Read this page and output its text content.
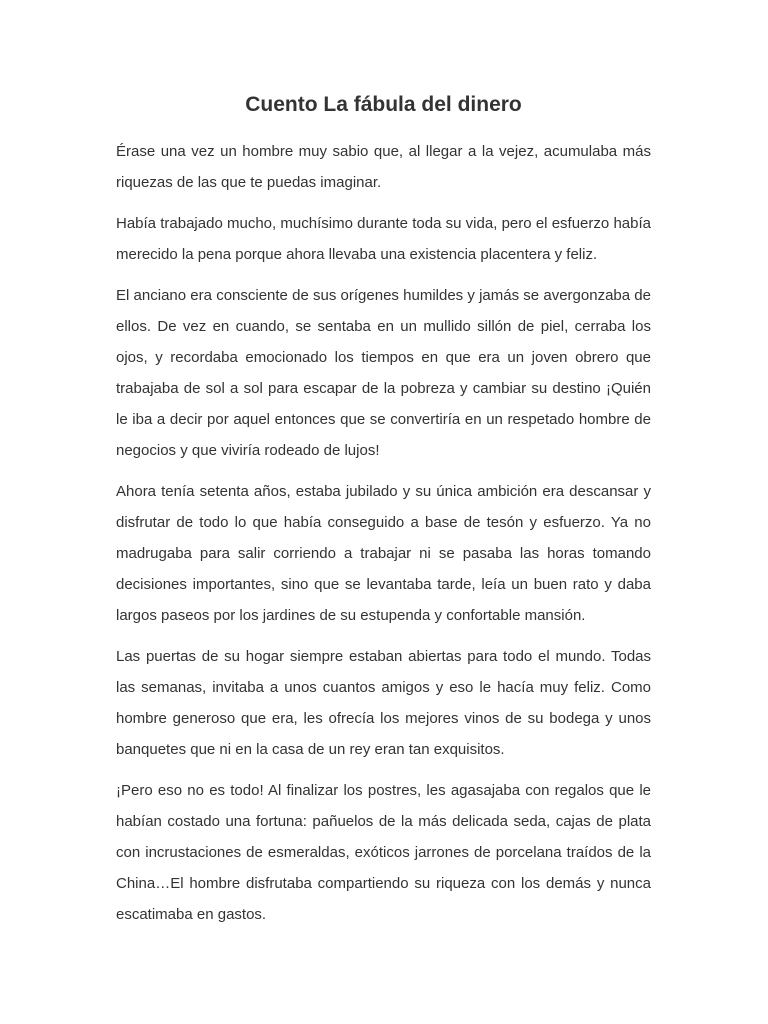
Cuento La fábula del dinero

Érase una vez un hombre muy sabio que, al llegar a la vejez, acumulaba más riquezas de las que te puedas imaginar.

Había trabajado mucho, muchísimo durante toda su vida, pero el esfuerzo había merecido la pena porque ahora llevaba una existencia placentera y feliz.

El anciano era consciente de sus orígenes humildes y jamás se avergonzaba de ellos. De vez en cuando, se sentaba en un mullido sillón de piel, cerraba los ojos, y recordaba emocionado los tiempos en que era un joven obrero que trabajaba de sol a sol para escapar de la pobreza y cambiar su destino ¡Quién le iba a decir por aquel entonces que se convertiría en un respetado hombre de negocios y que viviría rodeado de lujos!

Ahora tenía setenta años, estaba jubilado y su única ambición era descansar y disfrutar de todo lo que había conseguido a base de tesón y esfuerzo. Ya no madrugaba para salir corriendo a trabajar ni se pasaba las horas tomando decisiones importantes, sino que se levantaba tarde, leía un buen rato y daba largos paseos por los jardines de su estupenda y confortable mansión.

Las puertas de su hogar siempre estaban abiertas para todo el mundo. Todas las semanas, invitaba a unos cuantos amigos y eso le hacía muy feliz. Como hombre generoso que era, les ofrecía los mejores vinos de su bodega y unos banquetes que ni en la casa de un rey eran tan exquisitos.

¡Pero eso no es todo! Al finalizar los postres, les agasajaba con regalos que le habían costado una fortuna: pañuelos de la más delicada seda, cajas de plata con incrustaciones de esmeraldas, exóticos jarrones de porcelana traídos de la China…El hombre disfrutaba compartiendo su riqueza con los demás y nunca escatimaba en gastos.
